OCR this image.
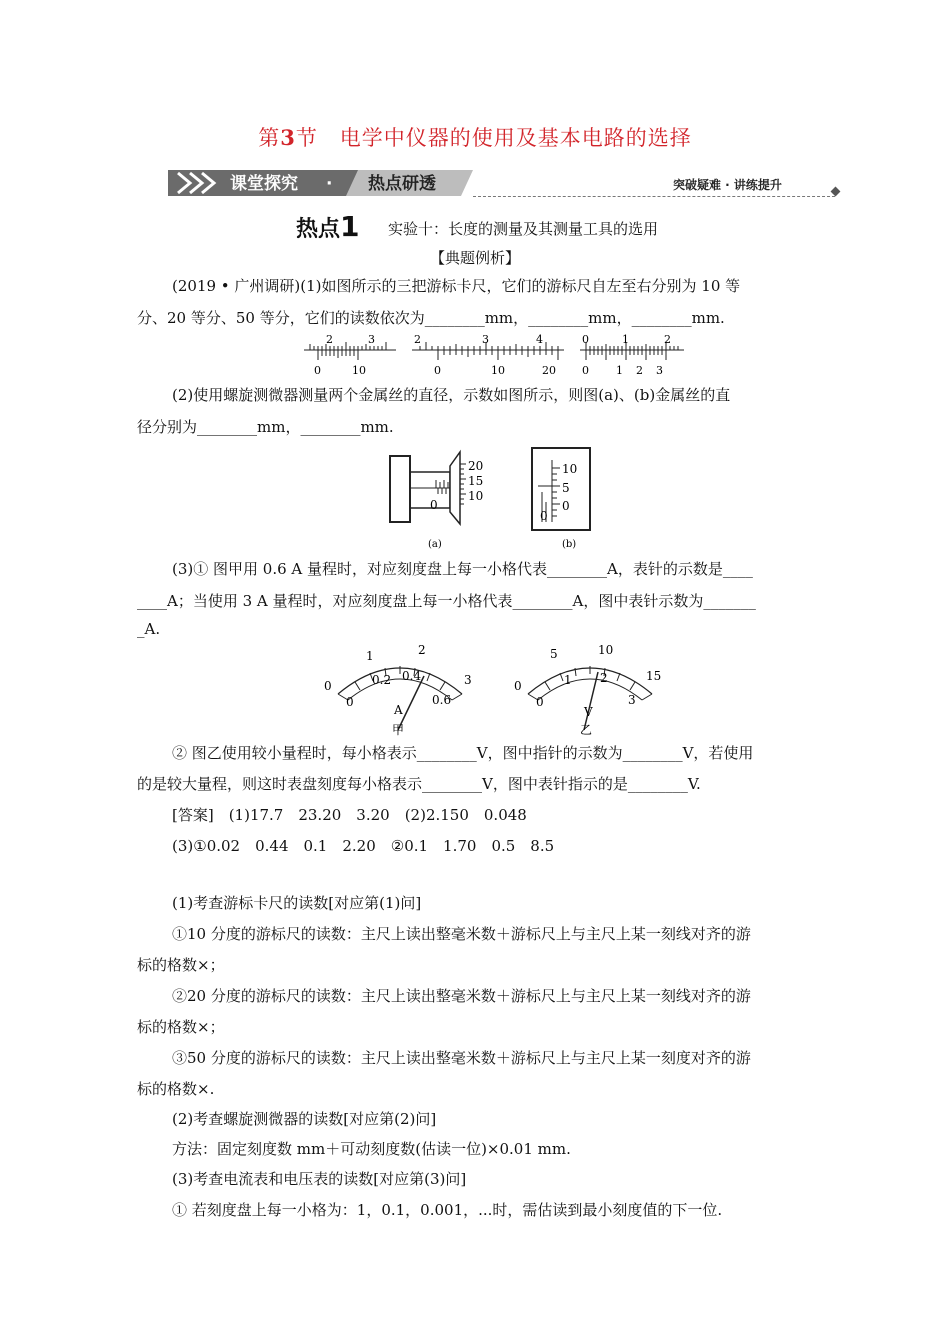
第3节　电学中仪器的使用及基本电路的选择
课堂探究 · 热点研透	突破疑难 · 讲练提升
热点1 实验十：长度的测量及其测量工具的选用
【典题例析】
(2019 • 广州调研)(1)如图所示的三把游标卡尺，它们的游标尺自左至右分别为 10 等
分、20 等分、50 等分，它们的读数依次为________mm，________mm，________mm.
2	3
0	10
2	3	4
0	10	20
0	1	2
0 1 2 3
(2)使用螺旋测微器测量两个金属丝的直径，示数如图所示，则图(a)、(b)金属丝的直
径分别为________mm，________mm.
20
15
10
0
(a)
10
5
0
0
(b)
(3)① 图甲用 0.6 A 量程时，对应刻度盘上每一小格代表________A，表针的示数是____
____A；当使用 3 A 量程时，对应刻度盘上每一小格代表________A，图中表针示数为_______
_A.
0
1	2
3
0
0.2 0.4
0.6
A
甲
0
5	10
15
0
1 2
3
V
乙
② 图乙使用较小量程时，每小格表示________V，图中指针的示数为________V，若使用
的是较大量程，则这时表盘刻度每小格表示________V，图中表针指示的是________V.
[答案]　(1)17.7　23.20　3.20　(2)2.150　0.048
(3)①0.02　0.44　0.1　2.20　②0.1　1.70　0.5　8.5
(1)考查游标卡尺的读数[对应第(1)问]
①10 分度的游标尺的读数：主尺上读出整毫米数＋游标尺上与主尺上某一刻线对齐的游
标的格数×；
②20 分度的游标尺的读数：主尺上读出整毫米数＋游标尺上与主尺上某一刻线对齐的游
标的格数×；
③50 分度的游标尺的读数：主尺上读出整毫米数＋游标尺上与主尺上某一刻度对齐的游
标的格数×.
(2)考查螺旋测微器的读数[对应第(2)问]
方法：固定刻度数 mm＋可动刻度数(估读一位)×0.01 mm.
(3)考查电流表和电压表的读数[对应第(3)问]
① 若刻度盘上每一小格为：1，0.1，0.001，...时，需估读到最小刻度值的下一位.
